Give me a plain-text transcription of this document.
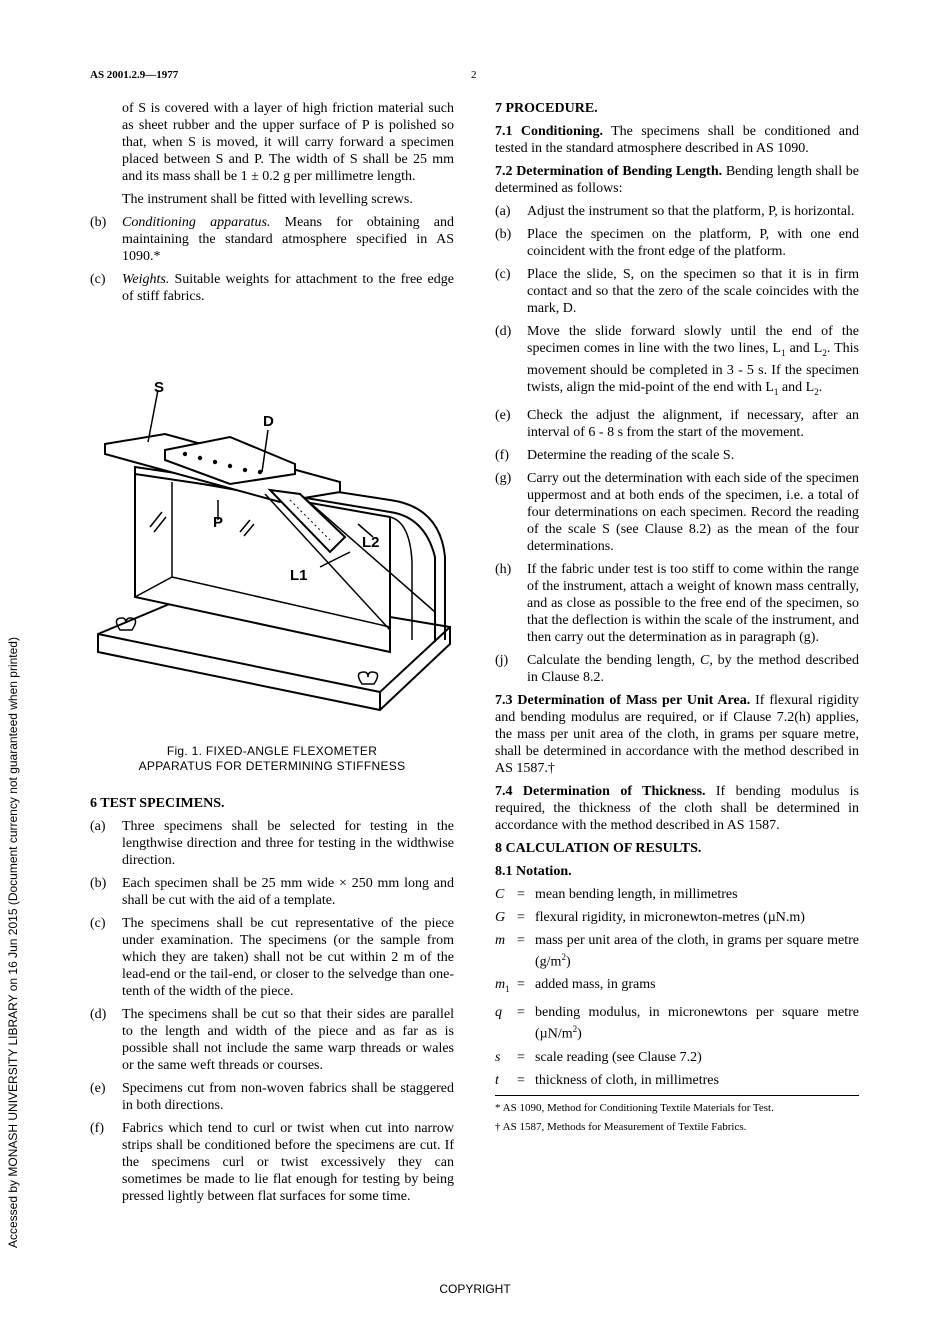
AS 2001.2.9—1977	2
Accessed by MONASH UNIVERSITY LIBRARY on 16 Jun 2015 (Document currency not guaranteed when printed)

of S is covered with a layer of high friction material such as sheet rubber and the upper surface of P is polished so that, when S is moved, it will carry forward a specimen placed between S and P. The width of S shall be 25 mm and its mass shall be 1 ± 0.2 g per millimetre length.

The instrument shall be fitted with levelling screws.

(b)	Conditioning apparatus. Means for obtaining and maintaining the standard atmosphere specified in AS 1090.*
(c)	Weights. Suitable weights for attachment to the free edge of stiff fabrics.
S
D
P
L1
L2
Fig. 1. FIXED-ANGLE FLEXOMETER
APPARATUS FOR DETERMINING STIFFNESS
6 TEST SPECIMENS.
(a)	Three specimens shall be selected for testing in the lengthwise direction and three for testing in the widthwise direction.
(b)	Each specimen shall be 25 mm wide × 250 mm long and shall be cut with the aid of a template.
(c)	The specimens shall be cut representative of the piece under examination. The specimens (or the sample from which they are taken) shall not be cut within 2 m of the lead-end or the tail-end, or closer to the selvedge than one-tenth of the width of the piece.
(d)	The specimens shall be cut so that their sides are parallel to the length and width of the piece and as far as is possible shall not include the same warp threads or wales or the same weft threads or courses.
(e)	Specimens cut from non-woven fabrics shall be staggered in both directions.
(f)	Fabrics which tend to curl or twist when cut into narrow strips shall be conditioned before the specimens are cut. If the specimens curl or twist excessively they can sometimes be made to lie flat enough for testing by being pressed lightly between flat surfaces for some time.
7 PROCEDURE.

7.1 Conditioning. The specimens shall be conditioned and tested in the standard atmosphere described in AS 1090.

7.2 Determination of Bending Length. Bending length shall be determined as follows:

(a)	Adjust the instrument so that the platform, P, is horizontal.
(b)	Place the specimen on the platform, P, with one end coincident with the front edge of the platform.
(c)	Place the slide, S, on the specimen so that it is in firm contact and so that the zero of the scale coincides with the mark, D.
(d)	Move the slide forward slowly until the end of the specimen comes in line with the two lines, $L_1$ and $L_2$. This movement should be completed in 3 - 5 s. If the specimen twists, align the mid-point of the end with $L_1$ and $L_2$.
(e)	Check the adjust the alignment, if necessary, after an interval of 6 - 8 s from the start of the movement.
(f)	Determine the reading of the scale S.
(g)	Carry out the determination with each side of the specimen uppermost and at both ends of the specimen, i.e. a total of four determinations on each specimen. Record the reading of the scale S (see Clause 8.2) as the mean of the four determinations.
(h)	If the fabric under test is too stiff to come within the range of the instrument, attach a weight of known mass centrally, and as close as possible to the free end of the specimen, so that the deflection is within the scale of the instrument, and then carry out the determination as in paragraph (g).
(j)	Calculate the bending length, C, by the method described in Clause 8.2.

7.3 Determination of Mass per Unit Area. If flexural rigidity and bending modulus are required, or if Clause 7.2(h) applies, the mass per unit area of the cloth, in grams per square metre, shall be determined in accordance with the method described in AS 1587.†

7.4 Determination of Thickness. If bending modulus is required, the thickness of the cloth shall be determined in accordance with the method described in AS 1587.

8 CALCULATION OF RESULTS.
8.1 Notation.
C = mean bending length, in millimetres
G = flexural rigidity, in micronewton-metres (µN.m)
m = mass per unit area of the cloth, in grams per square metre $(g/m^2)$
$m_1$ = added mass, in grams
q	= bending modulus, in micronewtons per square metre $(\mu N/m^2)$
s	= scale reading (see Clause 7.2)
t	= thickness of cloth, in millimetres

* AS 1090, Method for Conditioning Textile Materials for Test.

† AS 1587, Methods for Measurement of Textile Fabrics.

COPYRIGHT
